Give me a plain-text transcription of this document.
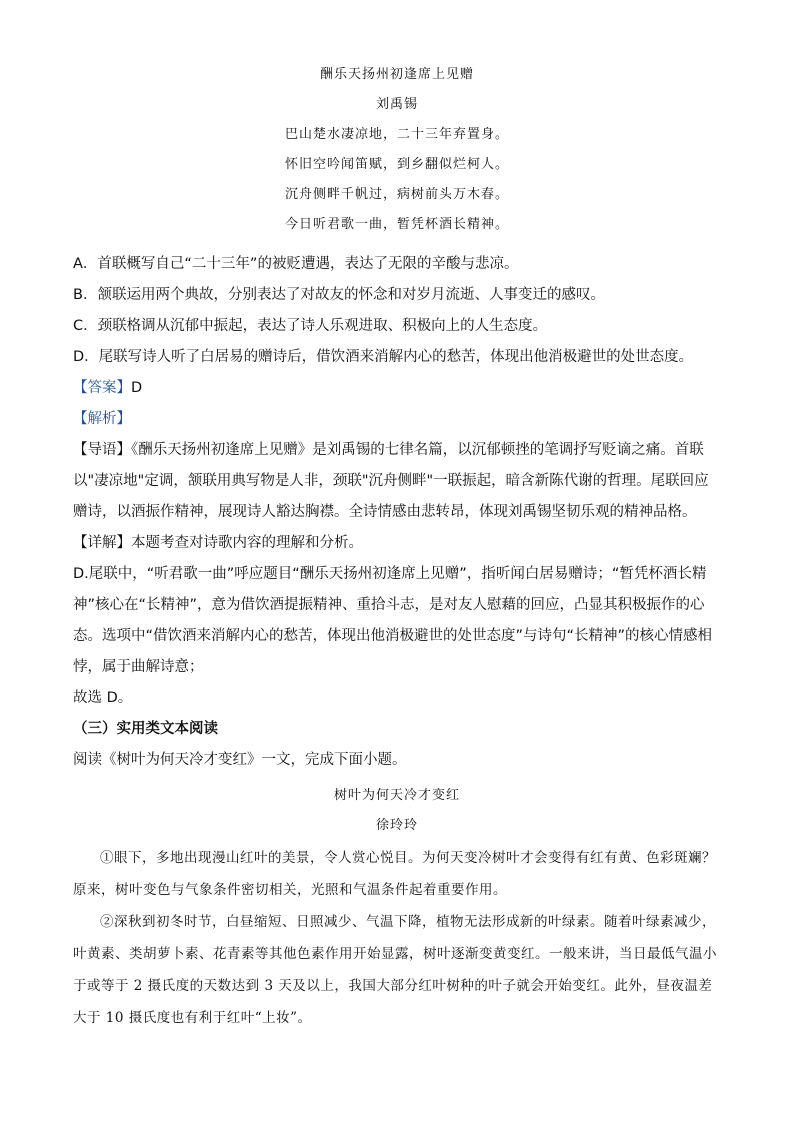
酬乐天扬州初逢席上见赠
刘禹锡
巴山楚水凄凉地，二十三年弃置身。
怀旧空吟闻笛赋，到乡翻似烂柯人。
沉舟侧畔千帆过，病树前头万木春。
今日听君歌一曲，暂凭杯酒长精神。

A．首联概写自己“二十三年”的被贬遭遇，表达了无限的辛酸与悲凉。

B．颔联运用两个典故，分别表达了对故友的怀念和对岁月流逝、人事变迁的感叹。

C．颈联格调从沉郁中振起，表达了诗人乐观进取、积极向上的人生态度。

D．尾联写诗人听了白居易的赠诗后，借饮酒来消解内心的愁苦，体现出他消极避世的处世态度。

【答案】D

【解析】

【导语】《酬乐天扬州初逢席上见赠》是刘禹锡的七律名篇，以沉郁顿挫的笔调抒写贬谪之痛。首联以"凄凉地"定调，颔联用典写物是人非，颈联"沉舟侧畔"一联振起，暗含新陈代谢的哲理。尾联回应赠诗，以酒振作精神，展现诗人豁达胸襟。全诗情感由悲转昂，体现刘禹锡坚韧乐观的精神品格。

【详解】本题考查对诗歌内容的理解和分析。

D.尾联中，“听君歌一曲”呼应题目“酬乐天扬州初逢席上见赠”，指听闻白居易赠诗；“暂凭杯酒长精神”核心在“长精神”，意为借饮酒提振精神、重拾斗志，是对友人慰藉的回应，凸显其积极振作的心态。选项中“借饮酒来消解内心的愁苦，体现出他消极避世的处世态度”与诗句“长精神”的核心情感相悖，属于曲解诗意；

故选 D。

（三）实用类文本阅读

阅读《树叶为何天冷才变红》一文，完成下面小题。

树叶为何天冷才变红
徐玲玲

①眼下，多地出现漫山红叶的美景，令人赏心悦目。为何天变冷树叶才会变得有红有黄、色彩斑斓？原来，树叶变色与气象条件密切相关，光照和气温条件起着重要作用。

②深秋到初冬时节，白昼缩短、日照减少、气温下降，植物无法形成新的叶绿素。随着叶绿素减少，叶黄素、类胡萝卜素、花青素等其他色素作用开始显露，树叶逐渐变黄变红。一般来讲，当日最低气温小于或等于 2 摄氏度的天数达到 3 天及以上，我国大部分红叶树种的叶子就会开始变红。此外，昼夜温差大于 10 摄氏度也有利于红叶“上妆”。
